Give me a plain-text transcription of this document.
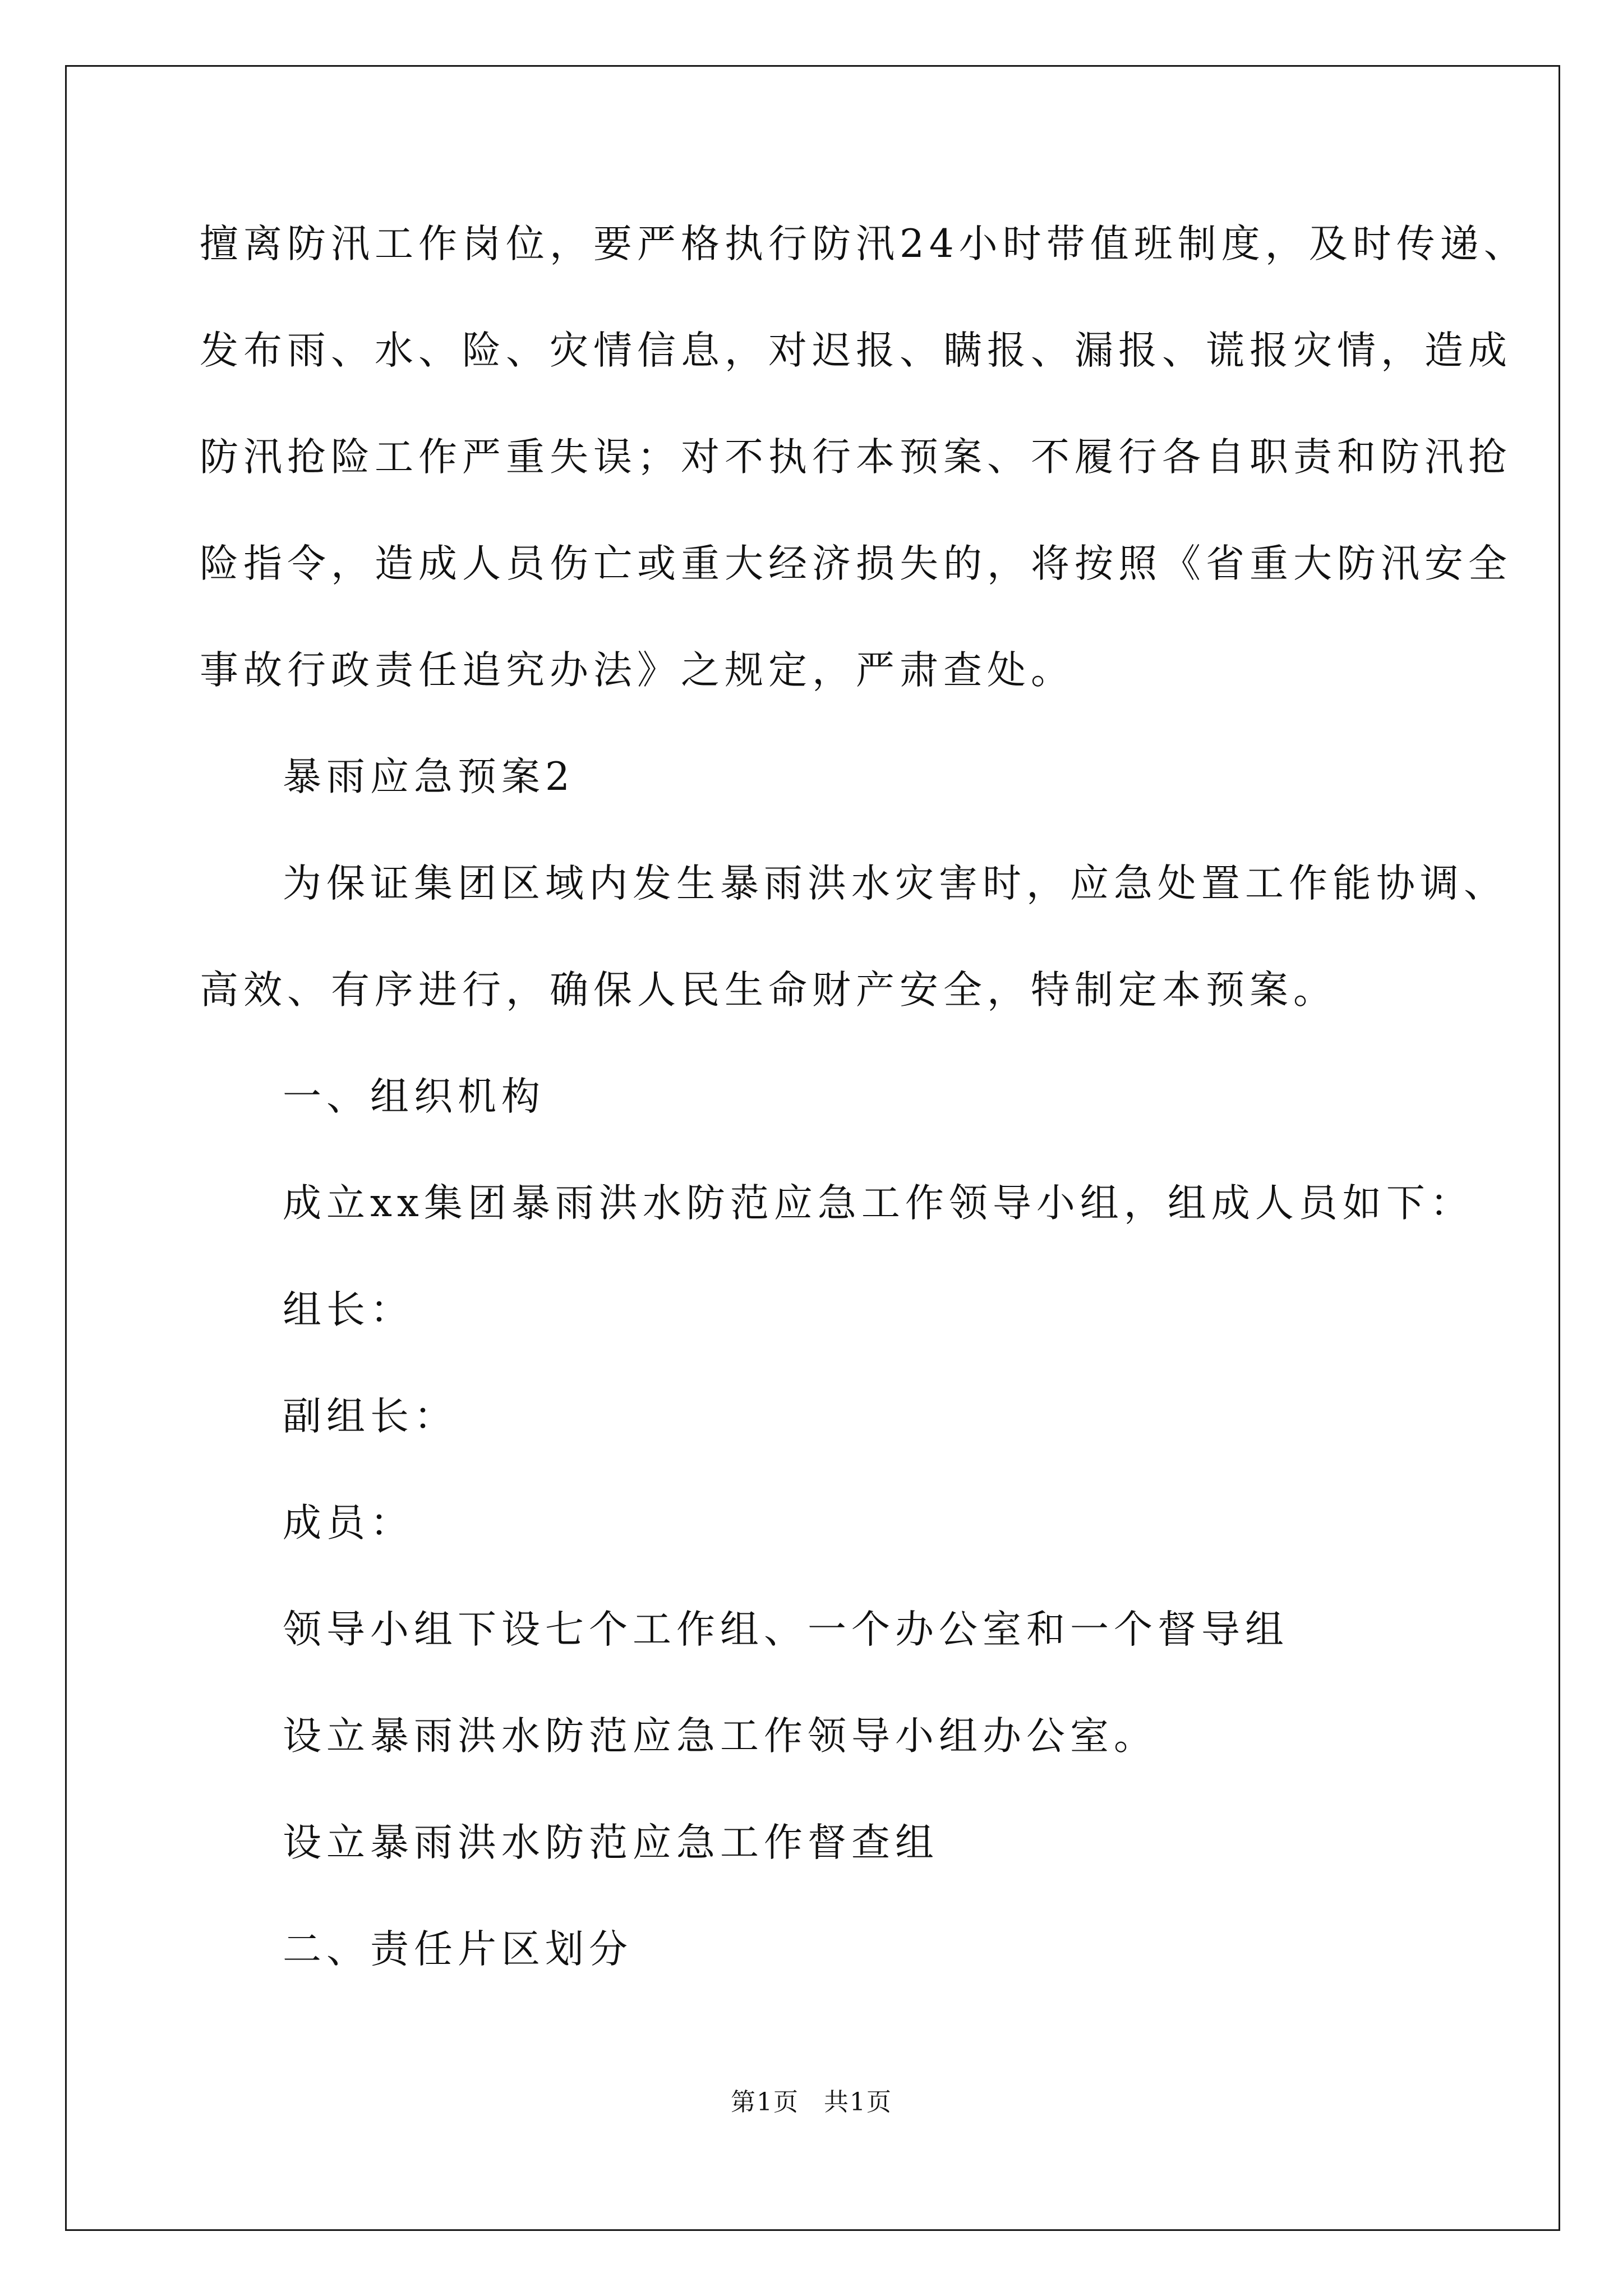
擅离防汛工作岗位，要严格执行防汛24小时带值班制度，及时传递、

发布雨、水、险、灾情信息，对迟报、瞒报、漏报、谎报灾情，造成

防汛抢险工作严重失误；对不执行本预案、不履行各自职责和防汛抢

险指令，造成人员伤亡或重大经济损失的，将按照《省重大防汛安全

事故行政责任追究办法》之规定，严肃查处。

暴雨应急预案2

为保证集团区域内发生暴雨洪水灾害时，应急处置工作能协调、

高效、有序进行，确保人民生命财产安全，特制定本预案。

一、组织机构

成立xx集团暴雨洪水防范应急工作领导小组，组成人员如下：

组长：

副组长：

成员：

领导小组下设七个工作组、一个办公室和一个督导组

设立暴雨洪水防范应急工作领导小组办公室。

设立暴雨洪水防范应急工作督查组

二、责任片区划分

第1页 共1页
